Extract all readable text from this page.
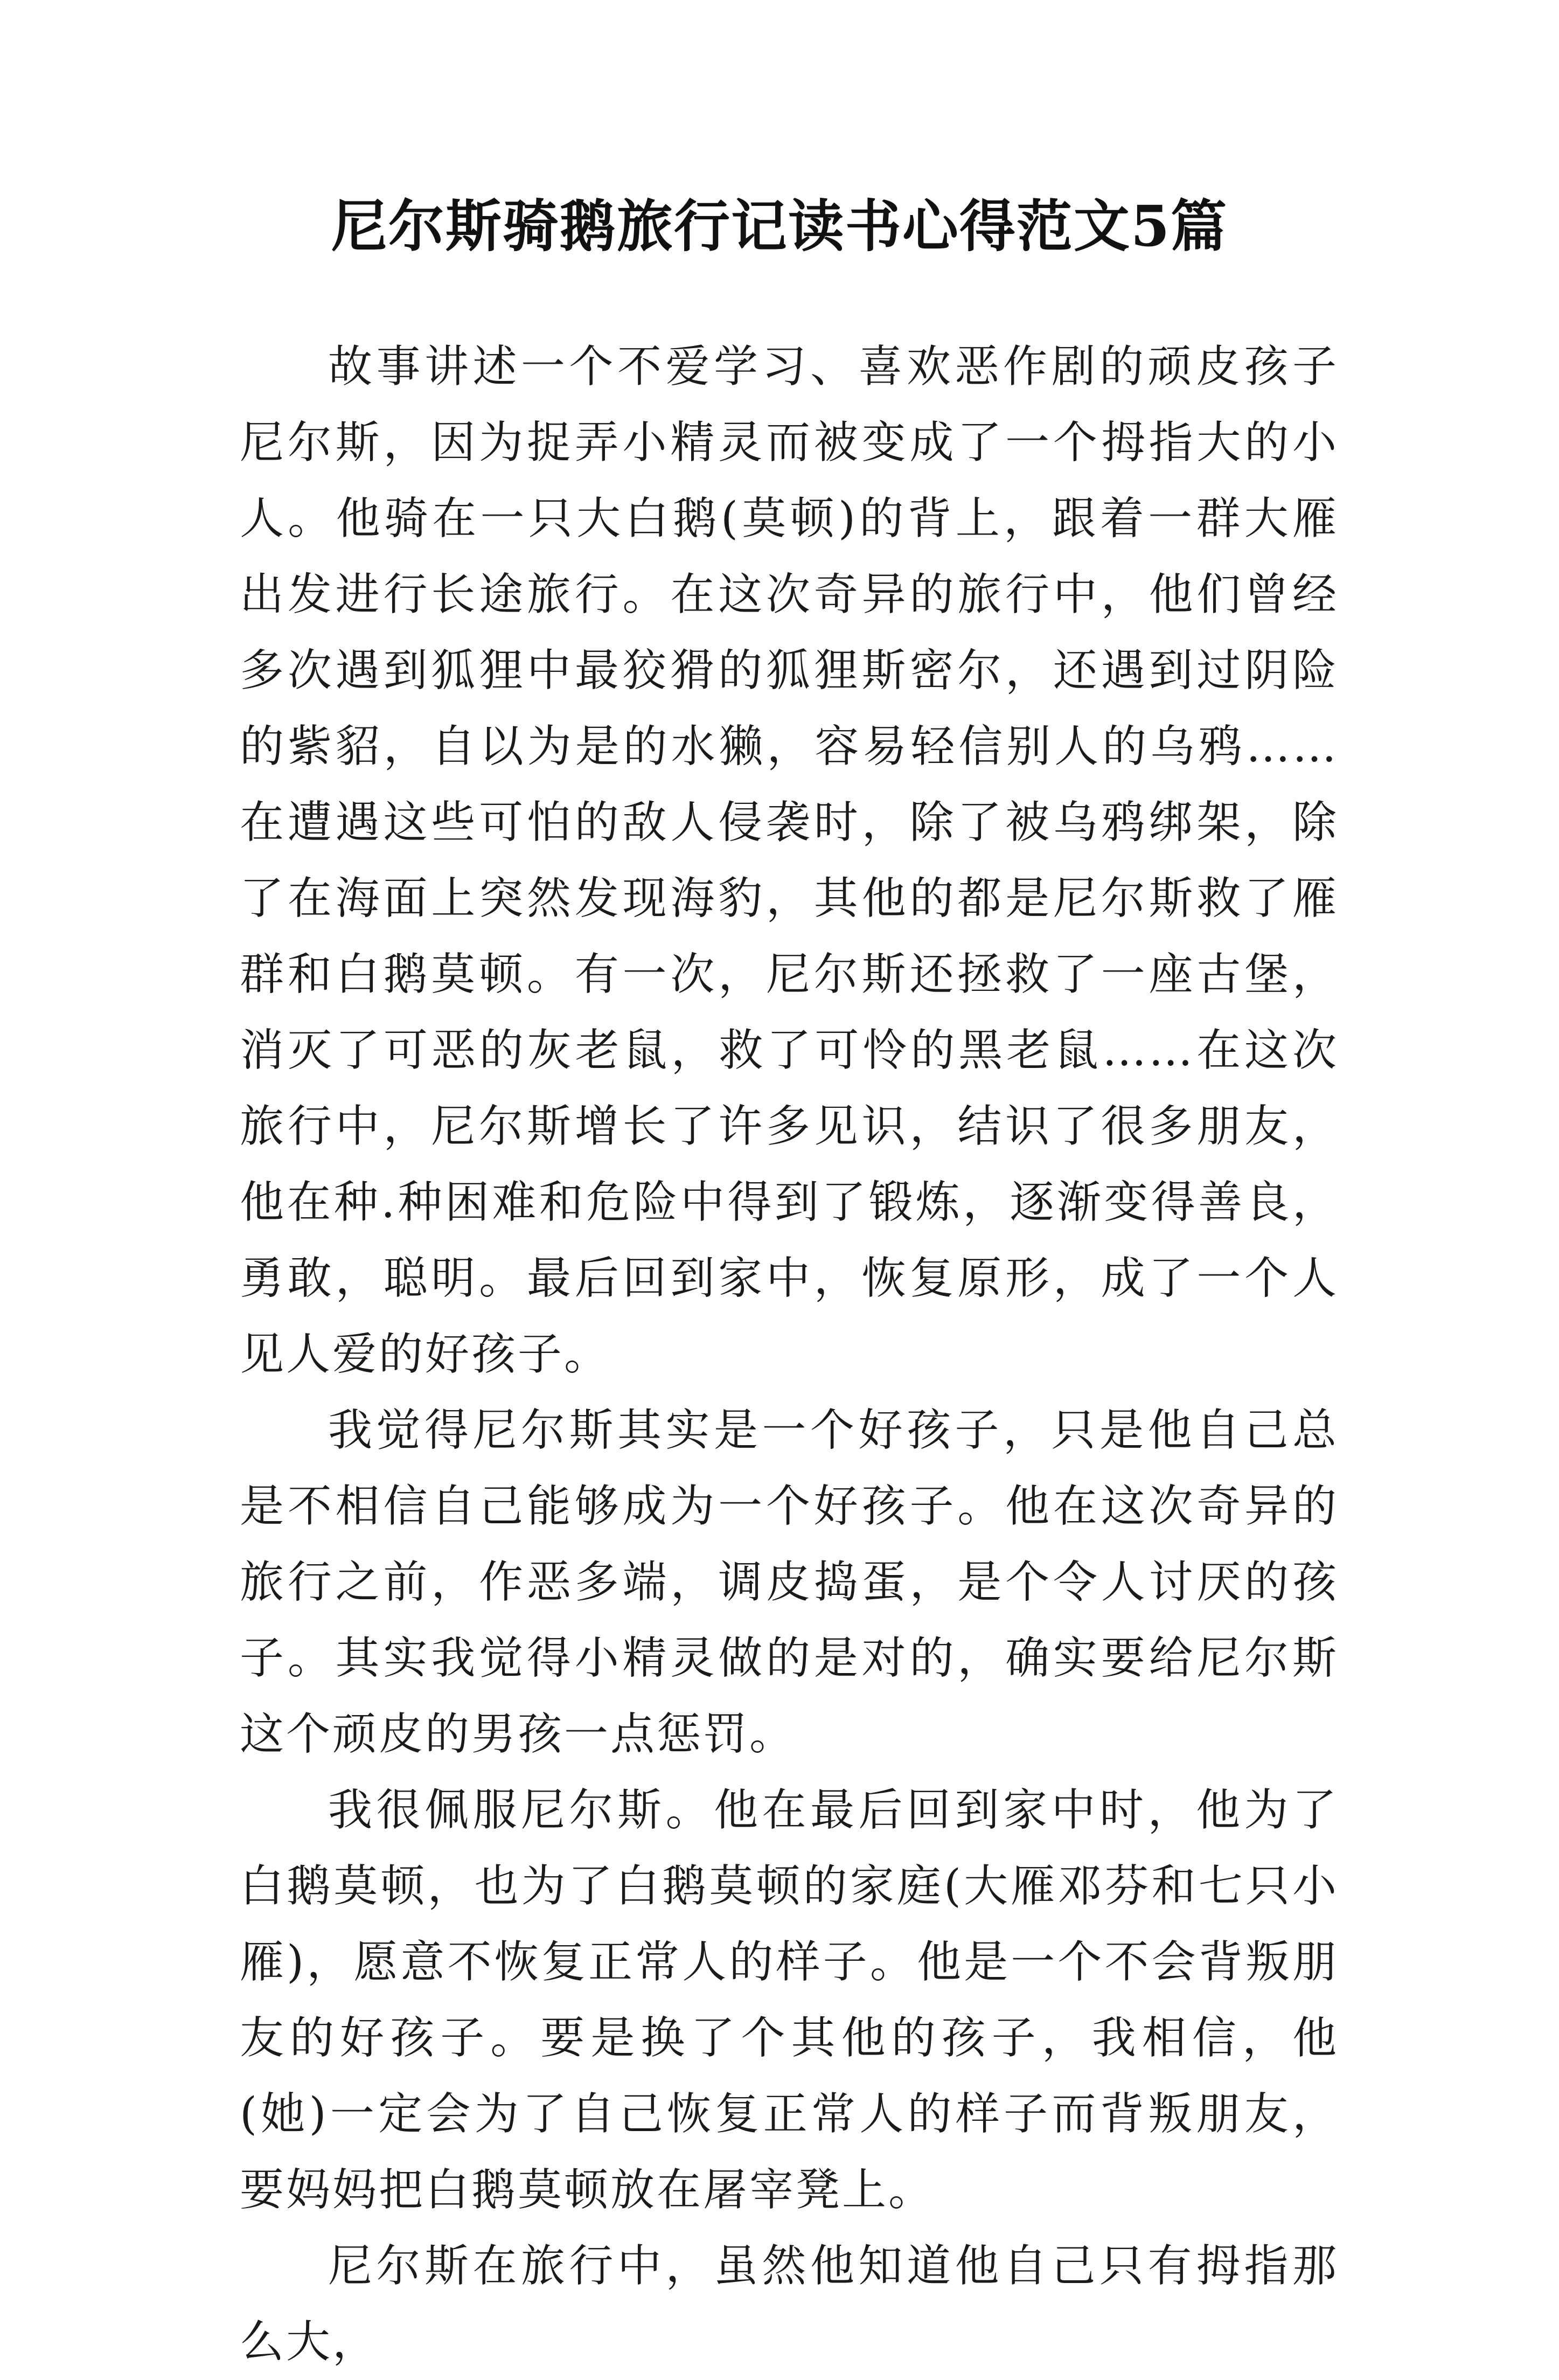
尼尔斯骑鹅旅行记读书心得范文5篇

故事讲述一个不爱学习、喜欢恶作剧的顽皮孩子尼尔斯，因为捉弄小精灵而被变成了一个拇指大的小人。他骑在一只大白鹅(莫顿)的背上，跟着一群大雁出发进行长途旅行。在这次奇异的旅行中，他们曾经多次遇到狐狸中最狡猾的狐狸斯密尔，还遇到过阴险的紫貂，自以为是的水獭，容易轻信别人的乌鸦……在遭遇这些可怕的敌人侵袭时，除了被乌鸦绑架，除了在海面上突然发现海豹，其他的都是尼尔斯救了雁群和白鹅莫顿。有一次，尼尔斯还拯救了一座古堡，消灭了可恶的灰老鼠，救了可怜的黑老鼠……在这次旅行中，尼尔斯增长了许多见识，结识了很多朋友，他在种.种困难和危险中得到了锻炼，逐渐变得善良，勇敢，聪明。最后回到家中，恢复原形，成了一个人见人爱的好孩子。

我觉得尼尔斯其实是一个好孩子，只是他自己总是不相信自己能够成为一个好孩子。他在这次奇异的旅行之前，作恶多端，调皮捣蛋，是个令人讨厌的孩子。其实我觉得小精灵做的是对的，确实要给尼尔斯这个顽皮的男孩一点惩罚。

我很佩服尼尔斯。他在最后回到家中时，他为了白鹅莫顿，也为了白鹅莫顿的家庭(大雁邓芬和七只小雁)，愿意不恢复正常人的样子。他是一个不会背叛朋友的好孩子。要是换了个其他的孩子，我相信，他(她)一定会为了自己恢复正常人的样子而背叛朋友，要妈妈把白鹅莫顿放在屠宰凳上。

尼尔斯在旅行中，虽然他知道他自己只有拇指那么大，
